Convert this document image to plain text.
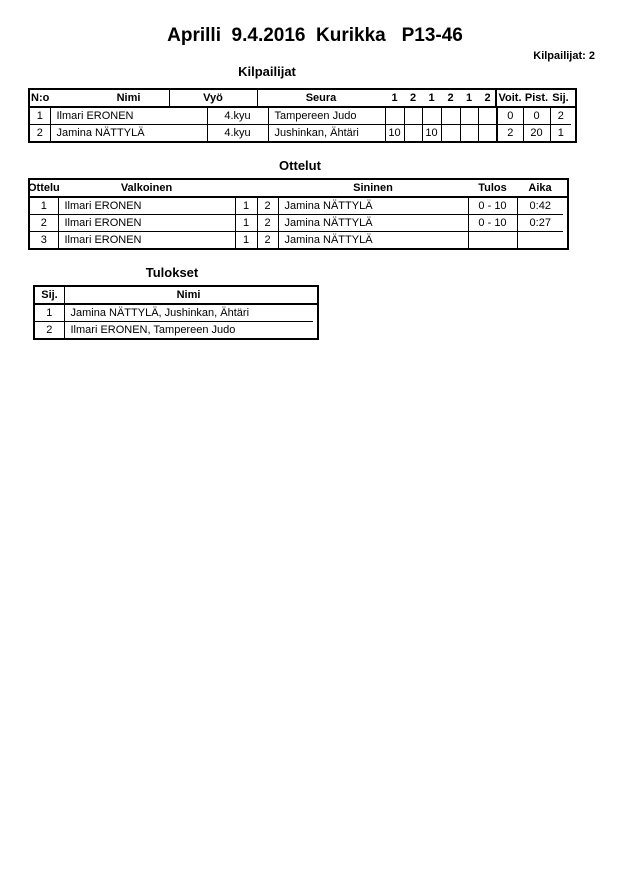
Aprilli  9.4.2016  Kurikka   P13-46
Kilpailijat: 2
Kilpailijat
N:o	Nimi	Vyö	Seura	1	2	1	2	1	2 Voit. Pist. Sij.
1	Ilmari ERONEN	4.kyu	Tampereen Judo							0	0	2
2	Jamina NÄTTYLÄ	4.kyu	Jushinkan, Ähtäri	10		10				2	20	1
Ottelut
Ottelu	Valkoinen	Sininen	Tulos	Aika
1	Ilmari ERONEN	1	2	Jamina NÄTTYLÄ	0 - 10	0:42
2	Ilmari ERONEN	1	2	Jamina NÄTTYLÄ	0 - 10	0:27
3	Ilmari ERONEN	1	2	Jamina NÄTTYLÄ		
Tulokset
Sij.	Nimi
1	Jamina NÄTTYLÄ, Jushinkan, Ähtäri
2	Ilmari ERONEN, Tampereen Judo
